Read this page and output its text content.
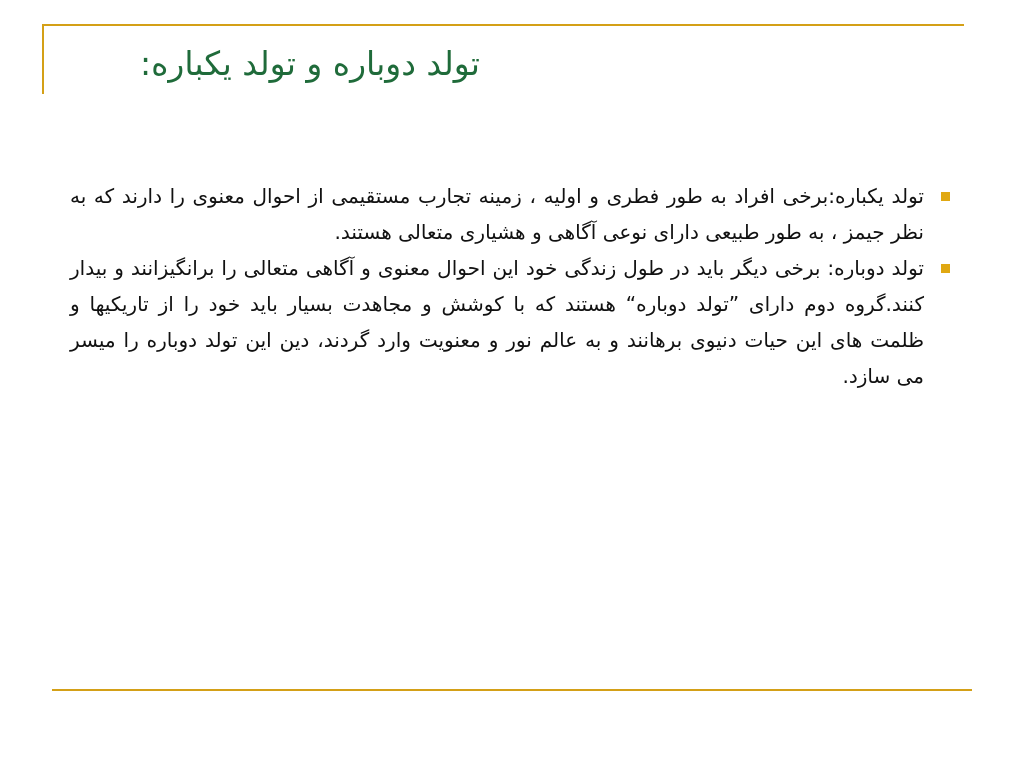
تولد دوباره و تولد یکباره:
تولد یکباره:برخی افراد به طور فطری و اولیه ، زمینه تجارب مستقیمی از احوال معنوی را دارند که به نظر جیمز ، به طور طبیعی دارای نوعی آگاهی و هشیاری متعالی هستند.
تولد دوباره: برخی دیگر باید در طول زندگی خود این احوال معنوی و آگاهی متعالی را برانگیزانند و بیدار کنند.گروه دوم دارای ”تولد دوباره“ هستند که با کوشش و مجاهدت بسیار باید خود را از تاریکیها و ظلمت های این حیات دنیوی برهانند و به عالم نور و معنویت وارد گردند، دین این تولد دوباره را میسر می سازد.
